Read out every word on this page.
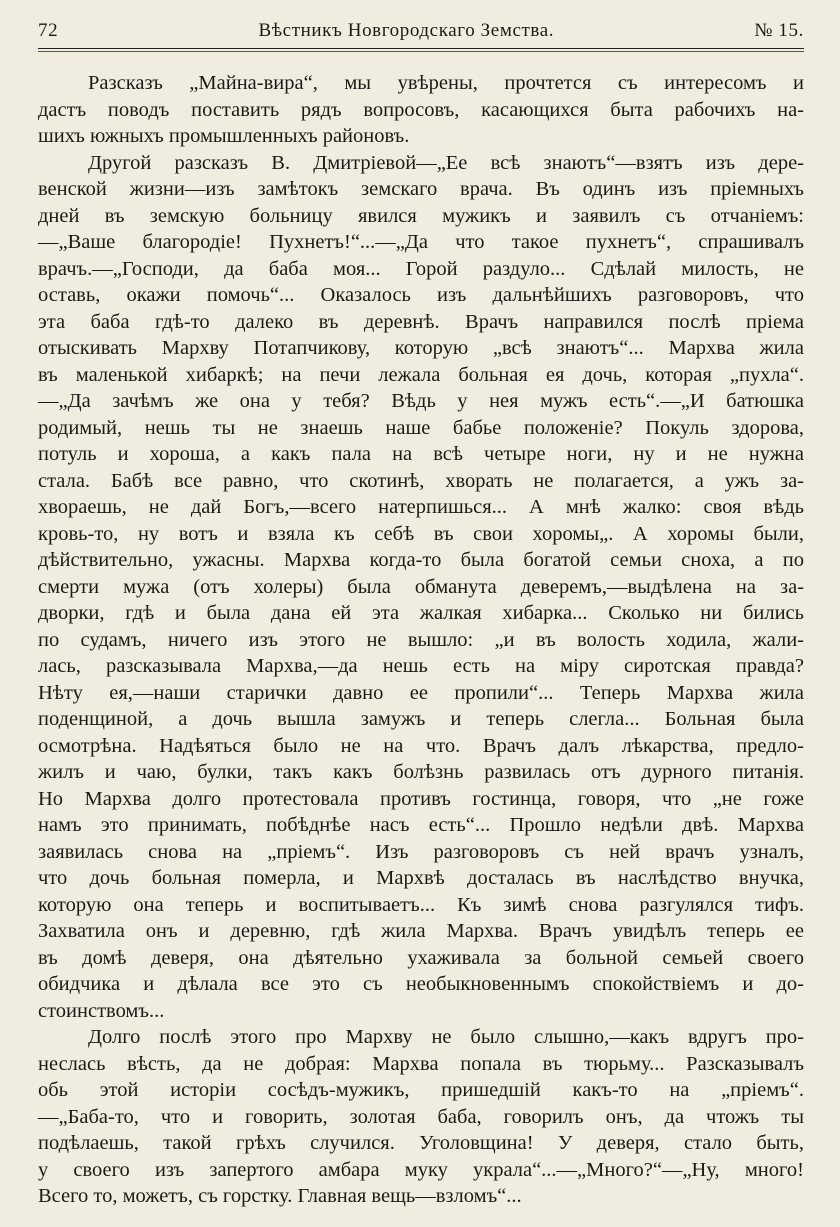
72	Вѣстникъ Новгородскаго Земства.	№ 15.
Разсказъ „Майна-вира“, мы увѣрены, прочтется съ интересомъ и
дастъ поводъ поставить рядъ вопросовъ, касающихся быта рабочихъ на-
шихъ южныхъ промышленныхъ районовъ.
Другой разсказъ В. Дмитріевой—„Ее всѣ знаютъ“—взятъ изъ дере-
венской жизни—изъ замѣтокъ земскаго врача. Въ одинъ изъ пріемныхъ
дней въ земскую больницу явился мужикъ и заявилъ съ отчаніемъ:
—„Ваше благородіе! Пухнетъ!“...—„Да что такое пухнетъ“, спрашивалъ
врачъ.—„Господи, да баба моя... Горой раздуло... Сдѣлай милость, не
оставь, окажи помочь“... Оказалось изъ дальнѣйшихъ разговоровъ, что
эта баба гдѣ-то далеко въ деревнѣ. Врачъ направился послѣ пріема
отыскивать Мархву Потапчикову, которую „всѣ знаютъ“... Мархва жила
въ маленькой хибаркѣ; на печи лежала больная ея дочь, которая „пухла“.
—„Да зачѣмъ же она у тебя? Вѣдь у нея мужъ есть“.—„И батюшка
родимый, нешь ты не знаешь наше бабье положеніе? Покуль здорова,
потуль и хороша, а какъ пала на всѣ четыре ноги, ну и не нужна
стала. Бабѣ все равно, что скотинѣ, хворать не полагается, а ужъ за-
хвораешь, не дай Богъ,—всего натерпишься... А мнѣ жалко: своя вѣдь
кровь-то, ну вотъ и взяла къ себѣ въ свои хоромы„. А хоромы были,
дѣйствительно, ужасны. Мархва когда-то была богатой семьи сноха, а по
смерти мужа (отъ холеры) была обманута деверемъ,—выдѣлена на за-
дворки, гдѣ и была дана ей эта жалкая хибарка... Сколько ни бились
по судамъ, ничего изъ этого не вышло: „и въ волость ходила, жали-
лась, разсказывала Мархва,—да нешь есть на міру сиротская правда?
Нѣту ея,—наши старички давно ее пропили“... Теперь Мархва жила
поденщиной, а дочь вышла замужъ и теперь слегла... Больная была
осмотрѣна. Надѣяться было не на что. Врачъ далъ лѣкарства, предло-
жилъ и чаю, булки, такъ какъ болѣзнь развилась отъ дурного питанія.
Но Мархва долго протестовала противъ гостинца, говоря, что „не гоже
намъ это принимать, побѣднѣе насъ есть“... Прошло недѣли двѣ. Мархва
заявилась снова на „пріемъ“. Изъ разговоровъ съ ней врачъ узналъ,
что дочь больная померла, и Мархвѣ досталась въ наслѣдство внучка,
которую она теперь и воспитываетъ... Къ зимѣ снова разгулялся тифъ.
Захватила онъ и деревню, гдѣ жила Мархва. Врачъ увидѣлъ теперь ее
въ домѣ деверя, она дѣятельно ухаживала за больной семьей своего
обидчика и дѣлала все это съ необыкновеннымъ спокойствіемъ и до-
стоинствомъ...
Долго послѣ этого про Мархву не было слышно,—какъ вдругъ про-
неслась вѣсть, да не добрая: Мархва попала въ тюрьму... Разсказывалъ
обь этой исторіи сосѣдъ-мужикъ, пришедшій какъ-то на „пріемъ“.
—„Баба-то, что и говорить, золотая баба, говорилъ онъ, да чтожъ ты
подѣлаешь, такой грѣхъ случился. Уголовщина! У деверя, стало быть,
у своего изъ запертого амбара муку украла“...—„Много?“—„Ну, много!
Всего то, можетъ, съ горстку. Главная вещь—взломъ“...
